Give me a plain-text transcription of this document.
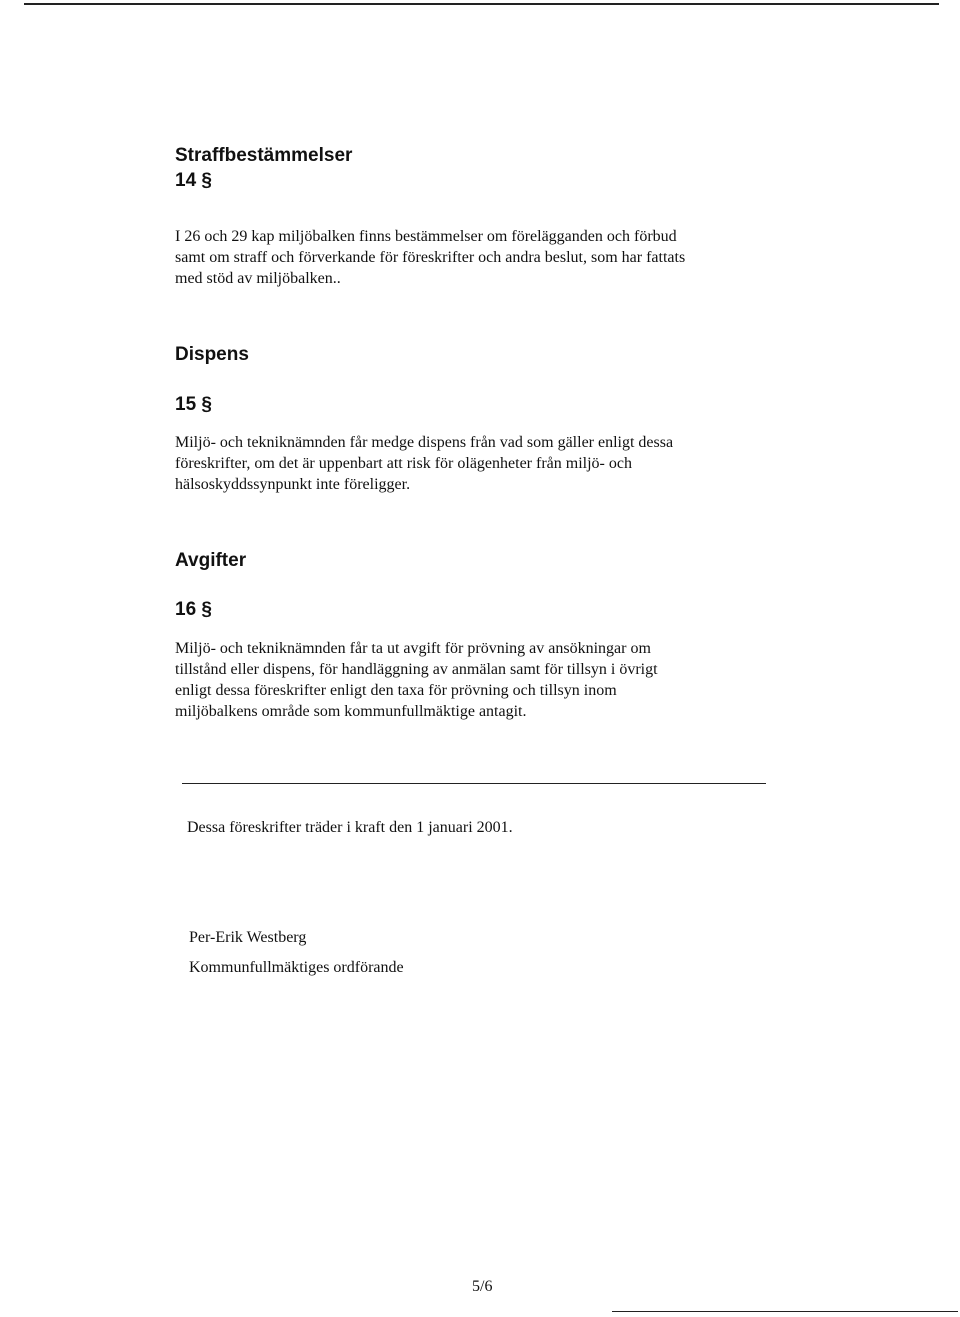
Straffbestämmelser
14 §
I 26 och 29 kap miljöbalken finns bestämmelser om förelägganden och förbud
samt om straff och förverkande för föreskrifter och andra beslut, som har fattats
med stöd av miljöbalken..
Dispens
15 §
Miljö- och tekniknämnden får medge dispens från vad som gäller enligt dessa
föreskrifter, om det är uppenbart att risk för olägenheter från miljö- och
hälsoskyddssynpunkt inte föreligger.
Avgifter
16 §
Miljö- och tekniknämnden får ta ut avgift för prövning av ansökningar om
tillstånd eller dispens, för handläggning av anmälan samt för tillsyn i övrigt
enligt dessa föreskrifter enligt den taxa för prövning och tillsyn inom
miljöbalkens område som kommunfullmäktige antagit.

Dessa föreskrifter träder i kraft den 1 januari 2001.

Per-Erik Westberg

Kommunfullmäktiges ordförande

5/6
